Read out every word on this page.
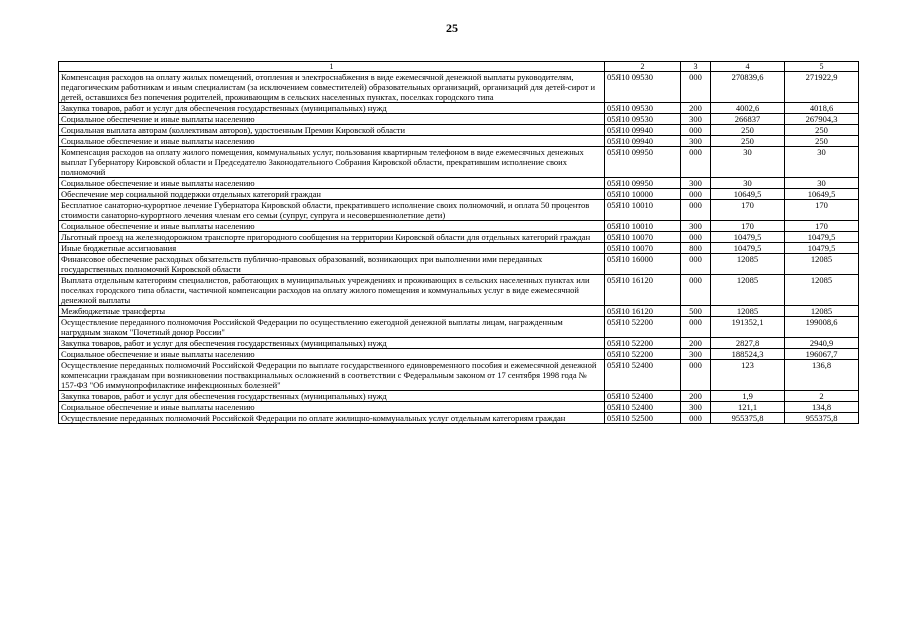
25
1	2	3	4	5
Компенсация расходов на оплату жилых помещений, отопления и электроснабжения в виде ежемесячной денежной выплаты руководителям, педагогическим работникам и иным специалистам (за исключением совместителей) образовательных организаций, организаций для детей-сирот и детей, оставшихся без попечения родителей, проживающим в сельских населенных пунктах, поселках городского типа	05Я10 09530	000	270839,6	271922,9
Закупка товаров, работ и услуг для обеспечения государственных (муниципальных) нужд	05Я10 09530	200	4002,6	4018,6
Социальное обеспечение и иные выплаты населению	05Я10 09530	300	266837	267904,3
Социальная выплата авторам (коллективам авторов), удостоенным Премии Кировской области	05Я10 09940	000	250	250
Социальное обеспечение и иные выплаты населению	05Я10 09940	300	250	250
Компенсация расходов на оплату жилого помещения, коммунальных услуг, пользования квартирным телефоном в виде ежемесячных денежных выплат Губернатору Кировской области и Председателю Законодательного Собрания Кировской области, прекратившим исполнение своих полномочий	05Я10 09950	000	30	30
Социальное обеспечение и иные выплаты населению	05Я10 09950	300	30	30
Обеспечение мер социальной поддержки отдельных категорий граждан	05Я10 10000	000	10649,5	10649,5
Бесплатное санаторно-курортное лечение Губернатора Кировской области, прекратившего исполнение своих полномочий, и оплата 50 процентов стоимости санаторно-курортного лечения членам его семьи (супруг, супруга и несовершеннолетние дети)	05Я10 10010	000	170	170
Социальное обеспечение и иные выплаты населению	05Я10 10010	300	170	170
Льготный проезд на железнодорожном транспорте пригородного сообщения на территории Кировской области для отдельных категорий граждан	05Я10 10070	000	10479,5	10479,5
Иные бюджетные ассигнования	05Я10 10070	800	10479,5	10479,5
Финансовое обеспечение расходных обязательств публично-правовых образований, возникающих при выполнении ими переданных государственных полномочий Кировской области	05Я10 16000	000	12085	12085
Выплата отдельным категориям специалистов, работающих в муниципальных учреждениях и проживающих в сельских населенных пунктах или поселках городского типа области, частичной компенсации расходов на оплату жилого помещения и коммунальных услуг в виде ежемесячной денежной выплаты	05Я10 16120	000	12085	12085
Межбюджетные трансферты	05Я10 16120	500	12085	12085
Осуществление переданного полномочия Российской Федерации по осуществлению ежегодной денежной выплаты лицам, награжденным нагрудным знаком "Почетный донор России"	05Я10 52200	000	191352,1	199008,6
Закупка товаров, работ и услуг для обеспечения государственных (муниципальных) нужд	05Я10 52200	200	2827,8	2940,9
Социальное обеспечение и иные выплаты населению	05Я10 52200	300	188524,3	196067,7
Осуществление переданных полномочий Российской Федерации по выплате государственного единовременного пособия и ежемесячной денежной компенсации гражданам при возникновении поствакцинальных осложнений в соответствии с Федеральным законом от 17 сентября 1998 года № 157-ФЗ "Об иммунопрофилактике инфекционных болезней"	05Я10 52400	000	123	136,8
Закупка товаров, работ и услуг для обеспечения государственных (муниципальных) нужд	05Я10 52400	200	1,9	2
Социальное обеспечение и иные выплаты населению	05Я10 52400	300	121,1	134,8
Осуществление переданных полномочий Российской Федерации по оплате жилищно-коммунальных услуг отдельным категориям граждан	05Я10 52500	000	955375,8	955375,8
